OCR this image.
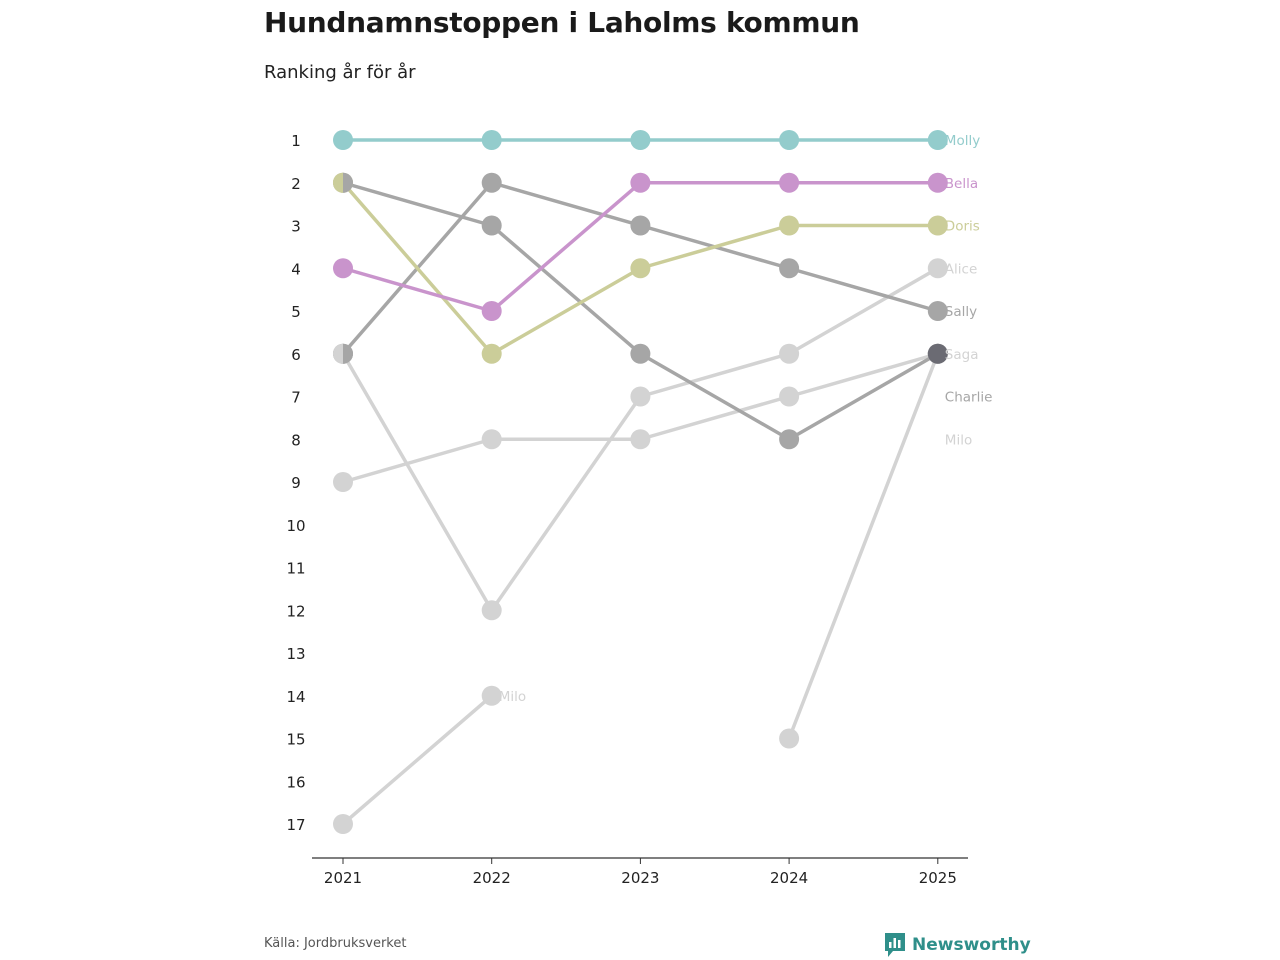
Hundnamnstoppen i Laholms kommun
Ranking år för år
1
2
3
4
5
6
7
8
9
10
11
12
13
14
15
16
17
2021	2022	2023	2024	2025
Milo
Milo
Saga
Alice
Charlie
Sally
Doris
Bella
Molly
Källa: Jordbruksverket	Newsworthy
